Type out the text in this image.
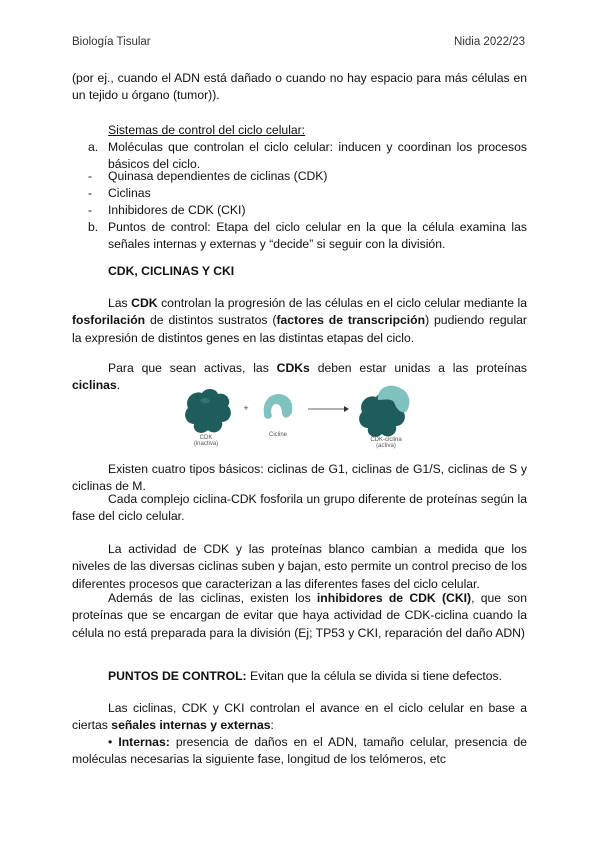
Biología Tisular	Nidia 2022/23
(por ej., cuando el ADN está dañado o cuando no hay espacio para más células en un tejido u órgano (tumor)).
Sistemas de control del ciclo celular:
a. Moléculas que controlan el ciclo celular: inducen y coordinan los procesos básicos del ciclo.
- Quinasa dependientes de ciclinas (CDK)
- Ciclinas
- Inhibidores de CDK (CKI)
b. Puntos de control: Etapa del ciclo celular en la que la célula examina las señales internas y externas y “decide” si seguir con la división.
CDK, CICLINAS Y CKI
Las CDK controlan la progresión de las células en el ciclo celular mediante la fosforilación de distintos sustratos (factores de transcripción) pudiendo regular la expresión de distintos genes en las distintas etapas del ciclo.
Para que sean activas, las CDKs deben estar unidas a las proteínas ciclinas.
CDK
(inactiva)
+
Cicline
CDK-ciclina
(activa)
Existen cuatro tipos básicos: ciclinas de G1, ciclinas de G1/S, ciclinas de S y ciclinas de M.
Cada complejo ciclina-CDK fosforila un grupo diferente de proteínas según la fase del ciclo celular.
La actividad de CDK y las proteínas blanco cambian a medida que los niveles de las diversas ciclinas suben y bajan, esto permite un control preciso de los diferentes procesos que caracterizan a las diferentes fases del ciclo celular.
Además de las ciclinas, existen los inhibidores de CDK (CKI), que son proteínas que se encargan de evitar que haya actividad de CDK-ciclina cuando la célula no está preparada para la división (Ej; TP53 y CKI, reparación del daño ADN)
PUNTOS DE CONTROL: Evitan que la célula se divida si tiene defectos.
Las ciclinas, CDK y CKI controlan el avance en el ciclo celular en base a ciertas señales internas y externas:
• Internas: presencia de daños en el ADN, tamaño celular, presencia de moléculas necesarias la siguiente fase, longitud de los telómeros, etc
